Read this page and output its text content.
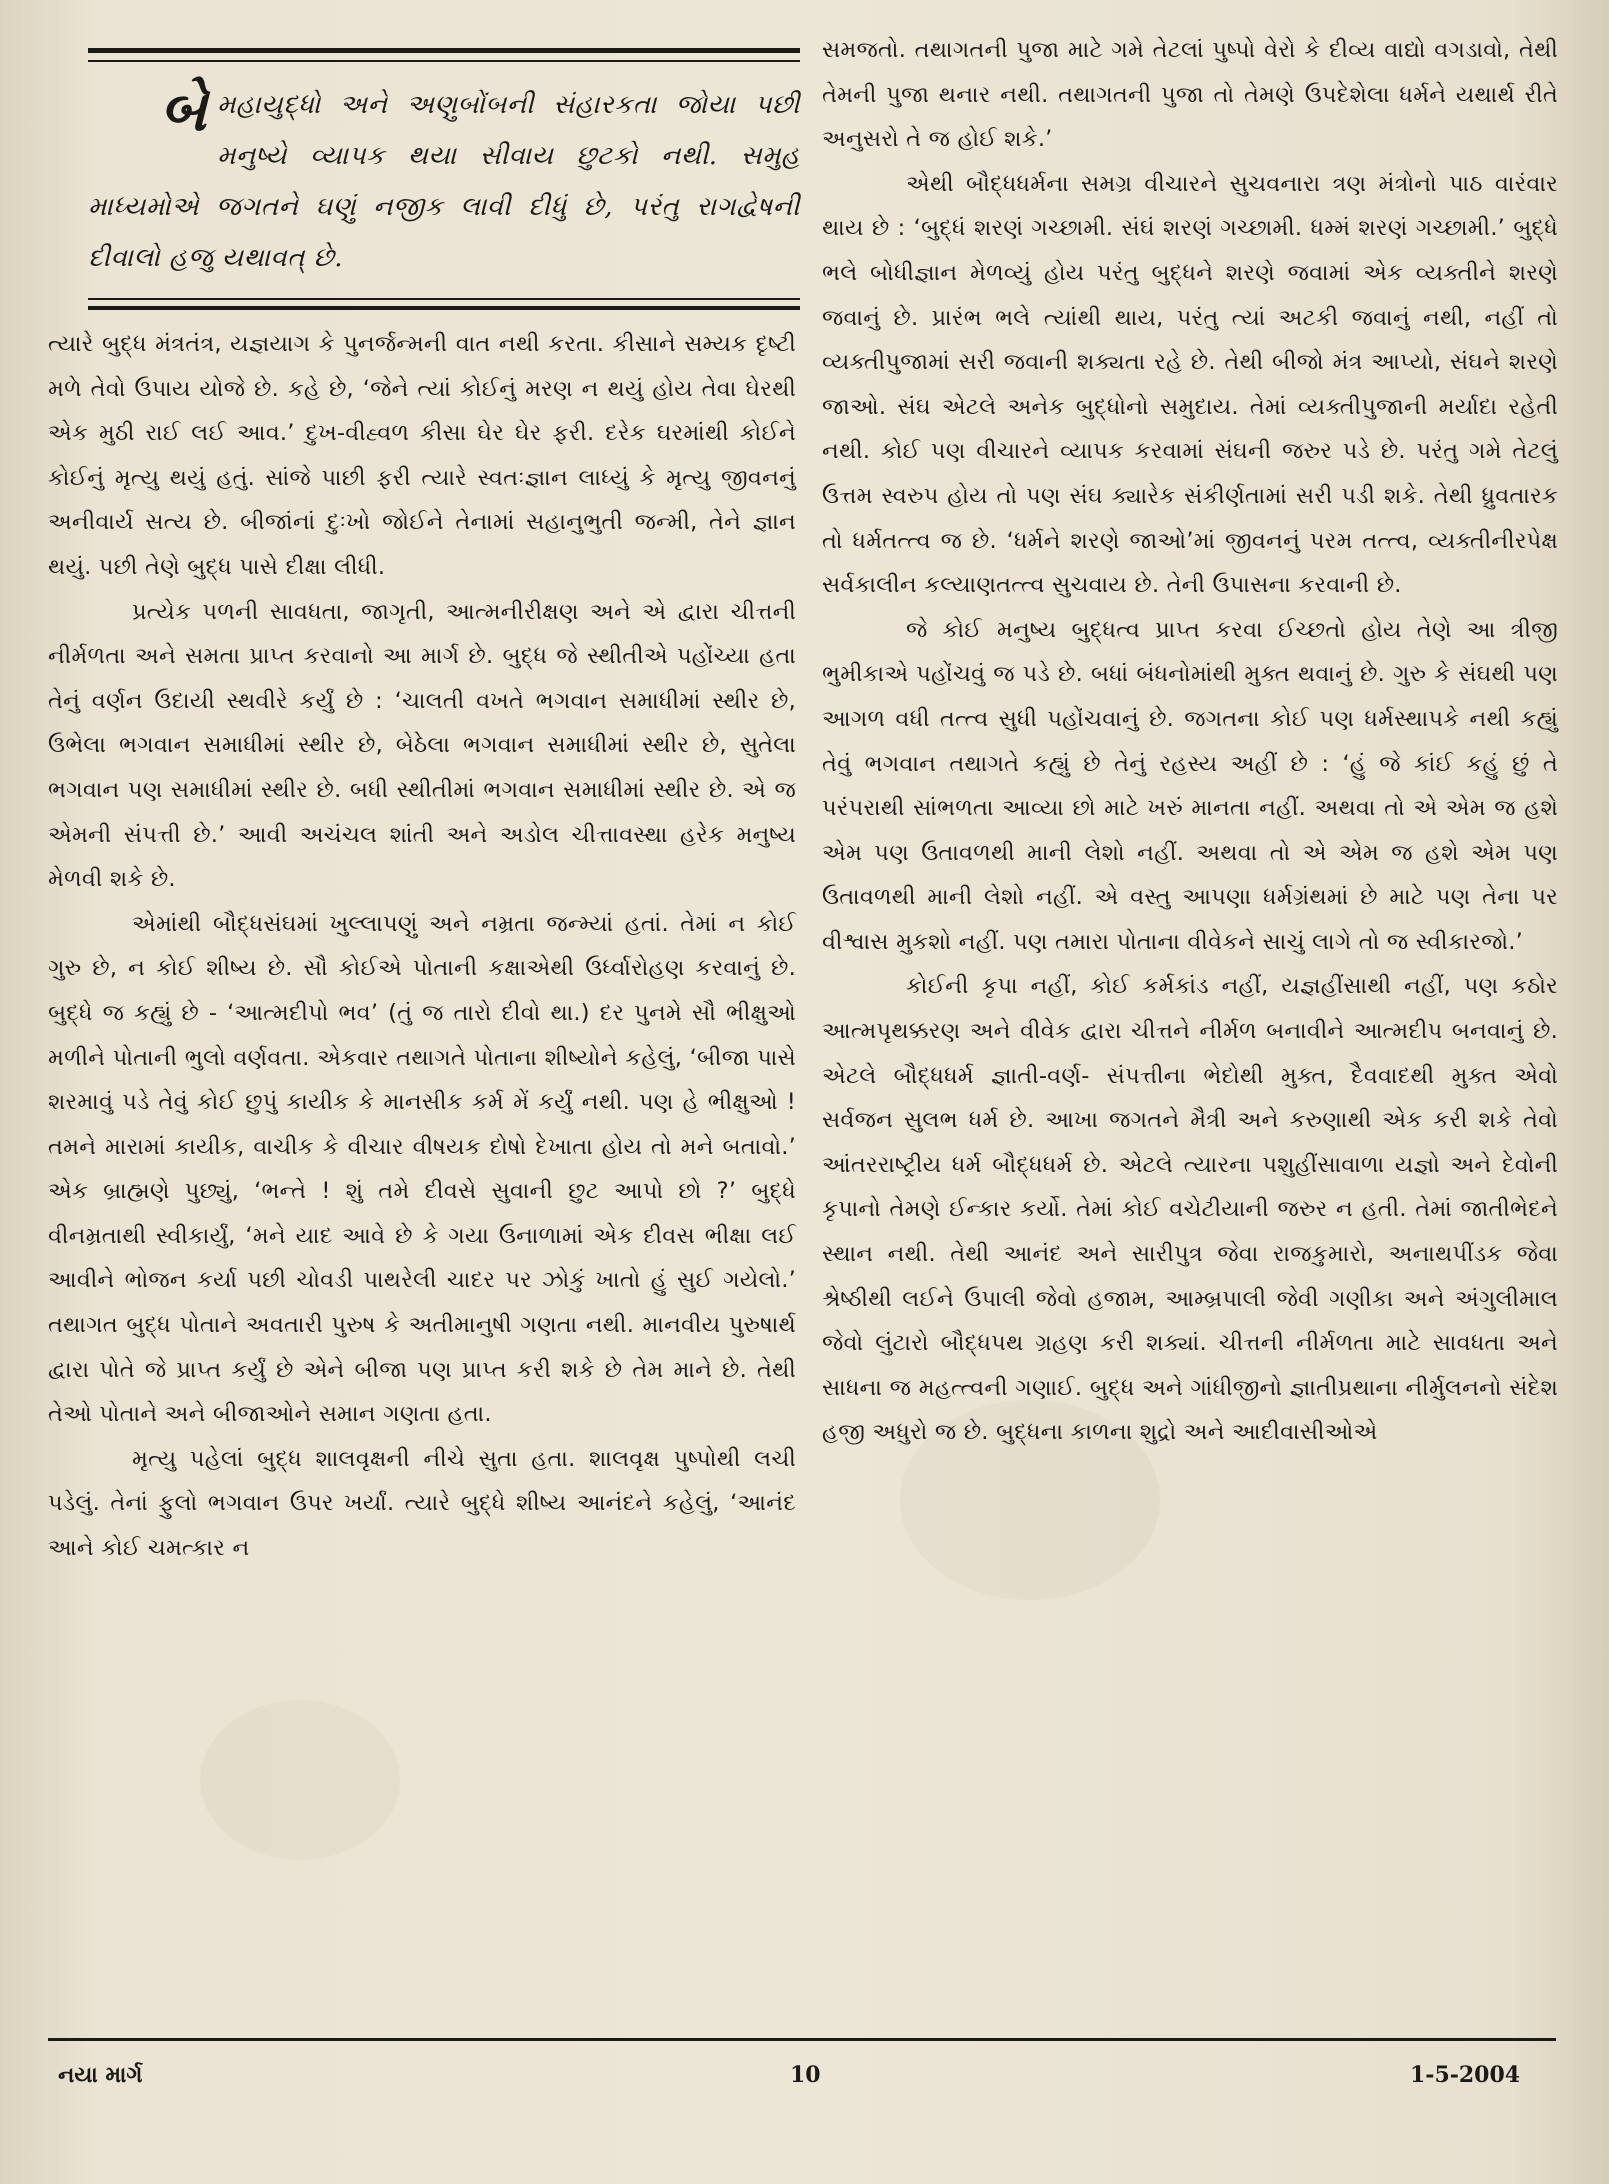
બે મહાયુદ્ધો અને અણુબોંબની સંહારકતા જોયા પછી મનુષ્યે વ્યાપક થયા સીવાય છુટકો નથી. સમુહ માધ્યમોએ જગતને ઘણું નજીક લાવી દીધું છે, પરંતુ રાગદ્વેષની દીવાલો હજુ યથાવત્ છે.

ત્યારે બુદ્ધ મંત્રતંત્ર, યજ્ઞયાગ કે પુનર્જન્મની વાત નથી કરતા. કીસાને સમ્યક દૃષ્ટી મળે તેવો ઉપાય યોજે છે. કહે છે, ‘જેને ત્યાં કોઈનું મરણ ન થયું હોય તેવા ઘેરથી એક મુઠી રાઈ લઈ આવ.’ દુખ-વીહ્વળ કીસા ઘેર ઘેર ફરી. દરેક ઘરમાંથી કોઈને કોઈનું મૃત્યુ થયું હતું. સાંજે પાછી ફરી ત્યારે સ્વતઃજ્ઞાન લાધ્યું કે મૃત્યુ જીવનનું અનીવાર્ય સત્ય છે. બીજાંનાં દુઃખો જોઈને તેનામાં સહાનુભુતી જન્મી, તેને જ્ઞાન થયું. પછી તેણે બુદ્ધ પાસે દીક્ષા લીધી.

પ્રત્યેક પળની સાવધતા, જાગૃતી, આત્મનીરીક્ષણ અને એ દ્વારા ચીત્તની નીર્મળતા અને સમતા પ્રાપ્ત કરવાનો આ માર્ગ છે. બુદ્ધ જે સ્થીતીએ પહોંચ્યા હતા તેનું વર્ણન ઉદાયી સ્થવીરે કર્યું છે : ‘ચાલતી વખતે ભગવાન સમાધીમાં સ્થીર છે, ઉભેલા ભગવાન સમાધીમાં સ્થીર છે, બેઠેલા ભગવાન સમાધીમાં સ્થીર છે, સુતેલા ભગવાન પણ સમાધીમાં સ્થીર છે. બધી સ્થીતીમાં ભગવાન સમાધીમાં સ્થીર છે. એ જ એમની સંપત્તી છે.’ આવી અચંચલ શાંતી અને અડોલ ચીત્તાવસ્થા હરેક મનુષ્ય મેળવી શકે છે.

એમાંથી બૌદ્ધસંઘમાં ખુલ્લાપણું અને નમ્રતા જન્મ્યાં હતાં. તેમાં ન કોઈ ગુરુ છે, ન કોઈ શીષ્ય છે. સૌ કોઈએ પોતાની કક્ષાએથી ઉર્ધ્વારોહણ કરવાનું છે. બુદ્ધે જ કહ્યું છે - ‘આત્મદીપો ભવ’ (તું જ તારો દીવો થા.) દર પુનમે સૌ ભીક્ષુઓ મળીને પોતાની ભુલો વર્ણવતા. એકવાર તથાગતે પોતાના શીષ્યોને કહેલું, ‘બીજા પાસે શરમાવું પડે તેવું કોઈ છુપું કાયીક કે માનસીક કર્મ મેં કર્યું નથી. પણ હે ભીક્ષુઓ ! તમને મારામાં કાયીક, વાચીક કે વીચાર વીષયક દોષો દેખાતા હોય તો મને બતાવો.’ એક બ્રાહ્મણે પુછ્યું, ‘ભન્તે ! શું તમે દીવસે સુવાની છુટ આપો છો ?’ બુદ્ધે વીનમ્રતાથી સ્વીકાર્યું, ‘મને યાદ આવે છે કે ગયા ઉનાળામાં એક દીવસ ભીક્ષા લઈ આવીને ભોજન કર્યા પછી ચોવડી પાથરેલી ચાદર પર ઝોકું ખાતો હું સુઈ ગયેલો.’ તથાગત બુદ્ધ પોતાને અવતારી પુરુષ કે અતીમાનુષી ગણતા નથી. માનવીય પુરુષાર્થ દ્વારા પોતે જે પ્રાપ્ત કર્યું છે એને બીજા પણ પ્રાપ્ત કરી શકે છે તેમ માને છે. તેથી તેઓ પોતાને અને બીજાઓને સમાન ગણતા હતા.

મૃત્યુ પહેલાં બુદ્ધ શાલવૃક્ષની નીચે સુતા હતા. શાલવૃક્ષ પુષ્પોથી લચી પડેલું. તેનાં ફુલો ભગવાન ઉપર ખર્યાં. ત્યારે બુદ્ધે શીષ્ય આનંદને કહેલું, ‘આનંદ આને કોઈ ચમત્કાર ન

સમજતો. તથાગતની પુજા માટે ગમે તેટલાં પુષ્પો વેરો કે દીવ્ય વાદ્યો વગડાવો, તેથી તેમની પુજા થનાર નથી. તથાગતની પુજા તો તેમણે ઉપદેશેલા ધર્મને યથાર્થ રીતે અનુસરો તે જ હોઈ શકે.’

એથી બૌદ્ધધર્મના સમગ્ર વીચારને સુચવનારા ત્રણ મંત્રોનો પાઠ વારંવાર થાય છે : ‘બુદ્ધં શરણં ગચ્છામી. સંઘં શરણં ગચ્છામી. ધમ્મં શરણં ગચ્છામી.’ બુદ્ધે ભલે બોધીજ્ઞાન મેળવ્યું હોય પરંતુ બુદ્ધને શરણે જવામાં એક વ્યક્તીને શરણે જવાનું છે. પ્રારંભ ભલે ત્યાંથી થાય, પરંતુ ત્યાં અટકી જવાનું નથી, નહીં તો વ્યક્તીપુજામાં સરી જવાની શક્યતા રહે છે. તેથી બીજો મંત્ર આપ્યો, સંઘને શરણે જાઓ. સંઘ એટલે અનેક બુદ્ધોનો સમુદાય. તેમાં વ્યક્તીપુજાની મર્યાદા રહેતી નથી. કોઈ પણ વીચારને વ્યાપક કરવામાં સંઘની જરુર પડે છે. પરંતુ ગમે તેટલું ઉત્તમ સ્વરુપ હોય તો પણ સંઘ ક્યારેક સંકીર્ણતામાં સરી પડી શકે. તેથી ધ્રુવતારક તો ધર્મતત્ત્વ જ છે. ‘ધર્મને શરણે જાઓ’માં જીવનનું પરમ તત્ત્વ, વ્યક્તીનીરપેક્ષ સર્વકાલીન કલ્યાણતત્ત્વ સુચવાય છે. તેની ઉપાસના કરવાની છે.

જે કોઈ મનુષ્ય બુદ્ધત્વ પ્રાપ્ત કરવા ઈચ્છતો હોય તેણે આ ત્રીજી ભુમીકાએ પહોંચવું જ પડે છે. બધાં બંધનોમાંથી મુક્ત થવાનું છે. ગુરુ કે સંઘથી પણ આગળ વધી તત્ત્વ સુધી પહોંચવાનું છે. જગતના કોઈ પણ ધર્મસ્થાપકે નથી કહ્યું તેવું ભગવાન તથાગતે કહ્યું છે તેનું રહસ્ય અહીં છે : ‘હું જે કાંઈ કહું છું તે પરંપરાથી સાંભળતા આવ્યા છો માટે ખરું માનતા નહીં. અથવા તો એ એમ જ હશે એમ પણ ઉતાવળથી માની લેશો નહીં. અથવા તો એ એમ જ હશે એમ પણ ઉતાવળથી માની લેશો નહીં. એ વસ્તુ આપણા ધર્મગ્રંથમાં છે માટે પણ તેના પર વીશ્વાસ મુકશો નહીં. પણ તમારા પોતાના વીવેકને સાચું લાગે તો જ સ્વીકારજો.’

કોઈની કૃપા નહીં, કોઈ કર્મકાંડ નહીં, યજ્ઞહીંસાથી નહીં, પણ કઠોર આત્મપૃથક્કરણ અને વીવેક દ્વારા ચીત્તને નીર્મળ બનાવીને આત્મદીપ બનવાનું છે. એટલે બૌદ્ધધર્મ જ્ઞાતી-વર્ણ- સંપત્તીના ભેદોથી મુક્ત, દૈવવાદથી મુક્ત એવો સર્વજન સુલભ ધર્મ છે. આખા જગતને મૈત્રી અને કરુણાથી એક કરી શકે તેવો આંતરરાષ્ટ્રીય ધર્મ બૌદ્ધધર્મ છે. એટલે ત્યારના પશુહીંસાવાળા યજ્ઞો અને દેવોની કૃપાનો તેમણે ઈન્કાર કર્યો. તેમાં કોઈ વચેટીયાની જરુર ન હતી. તેમાં જાતીભેદને સ્થાન નથી. તેથી આનંદ અને સારીપુત્ર જેવા રાજકુમારો, અનાથપીંડક જેવા શ્રેષ્ઠીથી લઈને ઉપાલી જેવો હજામ, આમ્બ્રપાલી જેવી ગણીકા અને અંગુલીમાલ જેવો લુંટારો બૌદ્ધપથ ગ્રહણ કરી શક્યાં. ચીત્તની નીર્મળતા માટે સાવધતા અને સાધના જ મહત્ત્વની ગણાઈ. બુદ્ધ અને ગાંધીજીનો જ્ઞાતીપ્રથાના નીર્મુલનનો સંદેશ હજી અધુરો જ છે. બુદ્ધના કાળના શુદ્રો અને આદીવાસીઓએ

નયા માર્ગ	10	1-5-2004
